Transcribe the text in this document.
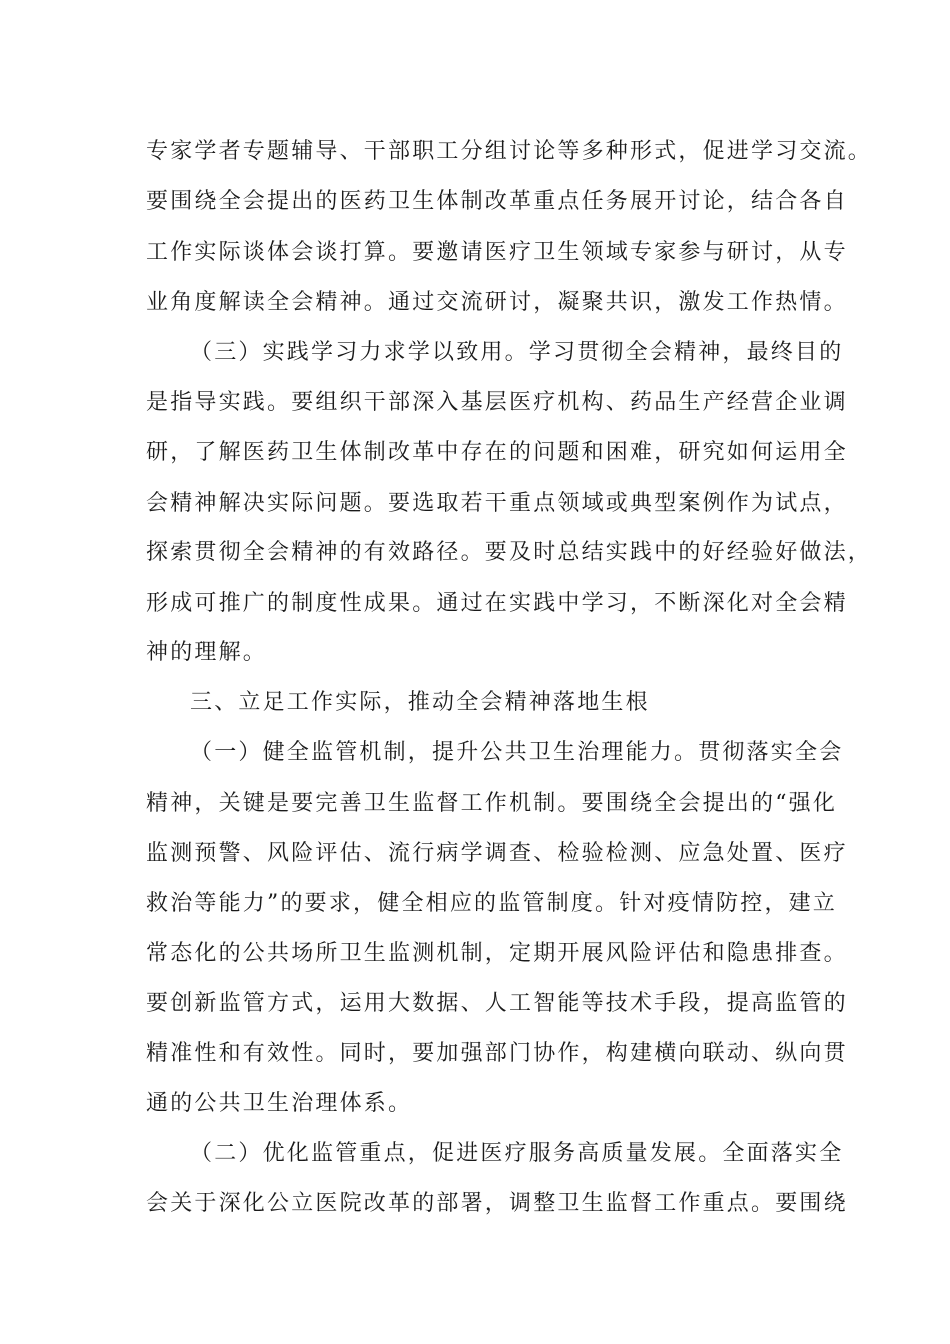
专家学者专题辅导、干部职工分组讨论等多种形式，促进学习交流。
要围绕全会提出的医药卫生体制改革重点任务展开讨论，结合各自
工作实际谈体会谈打算。要邀请医疗卫生领域专家参与研讨，从专
业角度解读全会精神。通过交流研讨，凝聚共识，激发工作热情。
（三）实践学习力求学以致用。学习贯彻全会精神，最终目的
是指导实践。要组织干部深入基层医疗机构、药品生产经营企业调
研，了解医药卫生体制改革中存在的问题和困难，研究如何运用全
会精神解决实际问题。要选取若干重点领域或典型案例作为试点，
探索贯彻全会精神的有效路径。要及时总结实践中的好经验好做法，
形成可推广的制度性成果。通过在实践中学习，不断深化对全会精
神的理解。
三、立足工作实际，推动全会精神落地生根
（一）健全监管机制，提升公共卫生治理能力。贯彻落实全会
精神，关键是要完善卫生监督工作机制。要围绕全会提出的“强化
监测预警、风险评估、流行病学调查、检验检测、应急处置、医疗
救治等能力”的要求，健全相应的监管制度。针对疫情防控，建立
常态化的公共场所卫生监测机制，定期开展风险评估和隐患排查。
要创新监管方式，运用大数据、人工智能等技术手段，提高监管的
精准性和有效性。同时，要加强部门协作，构建横向联动、纵向贯
通的公共卫生治理体系。
（二）优化监管重点，促进医疗服务高质量发展。全面落实全
会关于深化公立医院改革的部署，调整卫生监督工作重点。要围绕
